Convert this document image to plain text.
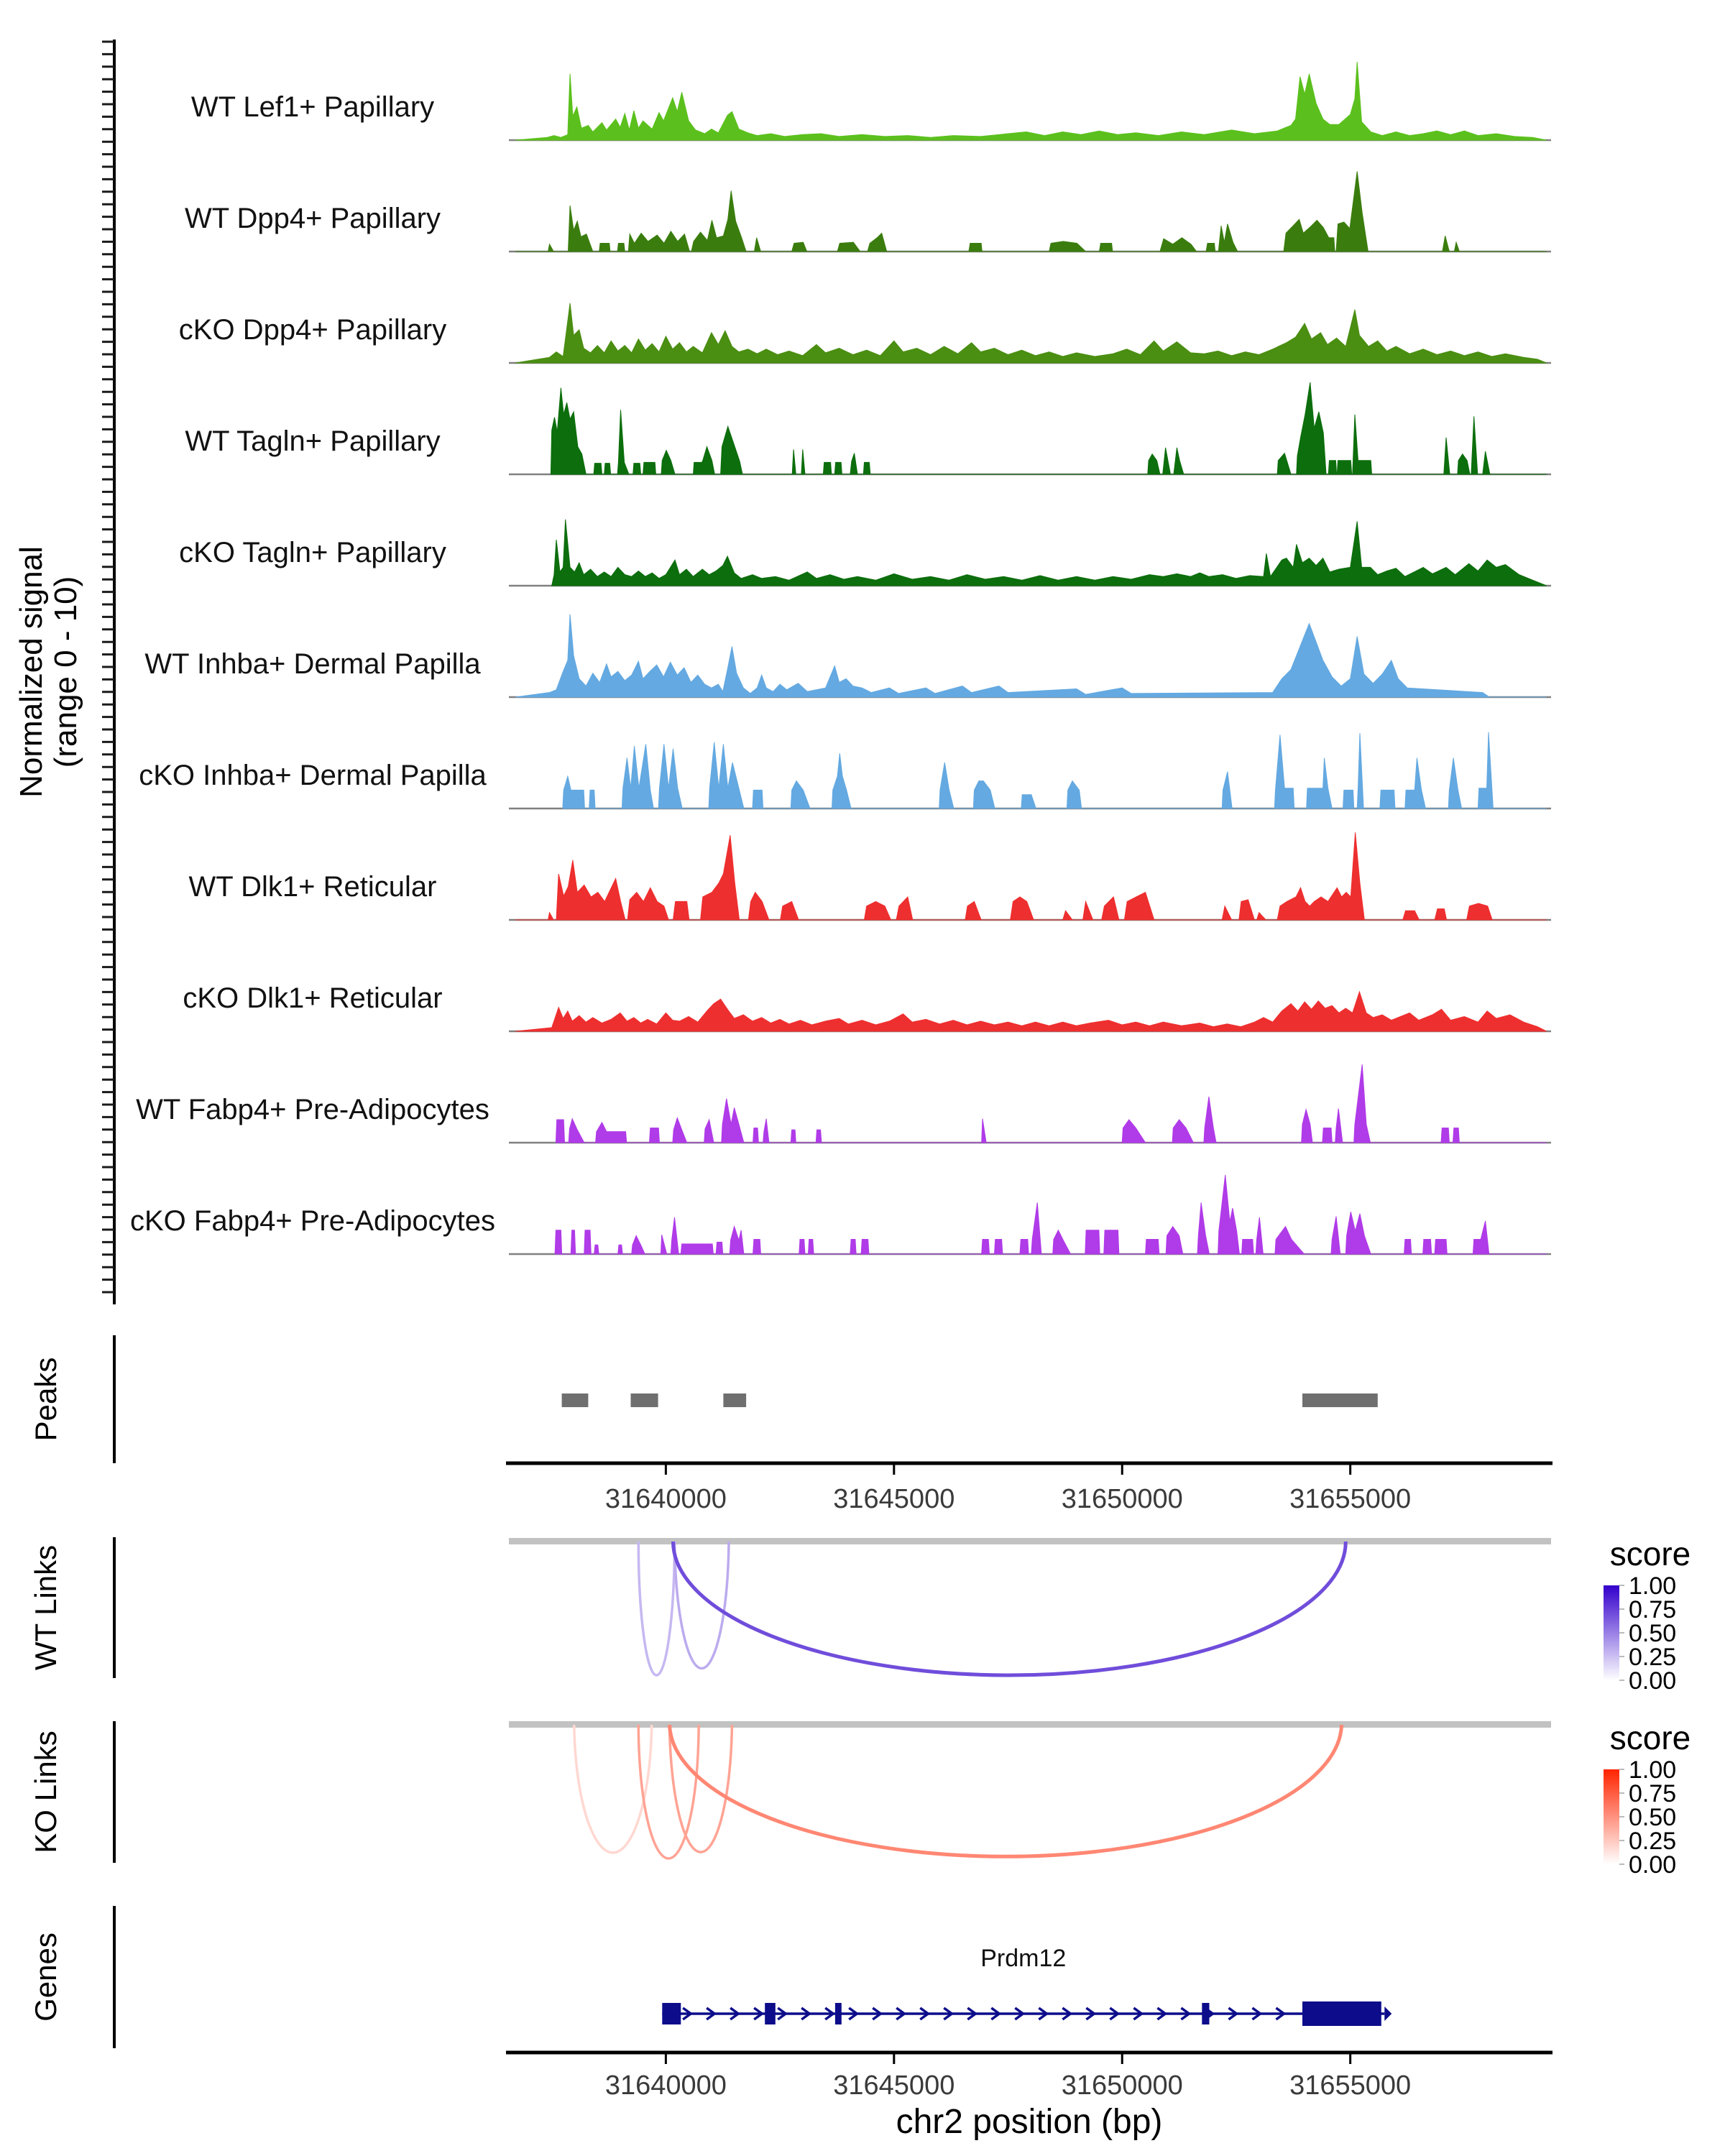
Normalized signal (range 0 - 10)
WT Lef1+ Papillary
WT Dpp4+ Papillary
cKO Dpp4+ Papillary
WT Tagln+ Papillary
cKO Tagln+ Papillary
WT Inhba+ Dermal Papilla
cKO Inhba+ Dermal Papilla
WT Dlk1+ Reticular
cKO Dlk1+ Reticular
WT Fabp4+ Pre-Adipocytes
cKO Fabp4+ Pre-Adipocytes
Peaks
31640000	31645000	31650000	31655000
WT Links	score
1.00
0.75
0.50
0.25
0.00
KO Links	score
1.00
0.75
0.50
0.25
0.00
Genes	Prdm12
31640000	31645000	31650000	31655000
chr2 position (bp)
